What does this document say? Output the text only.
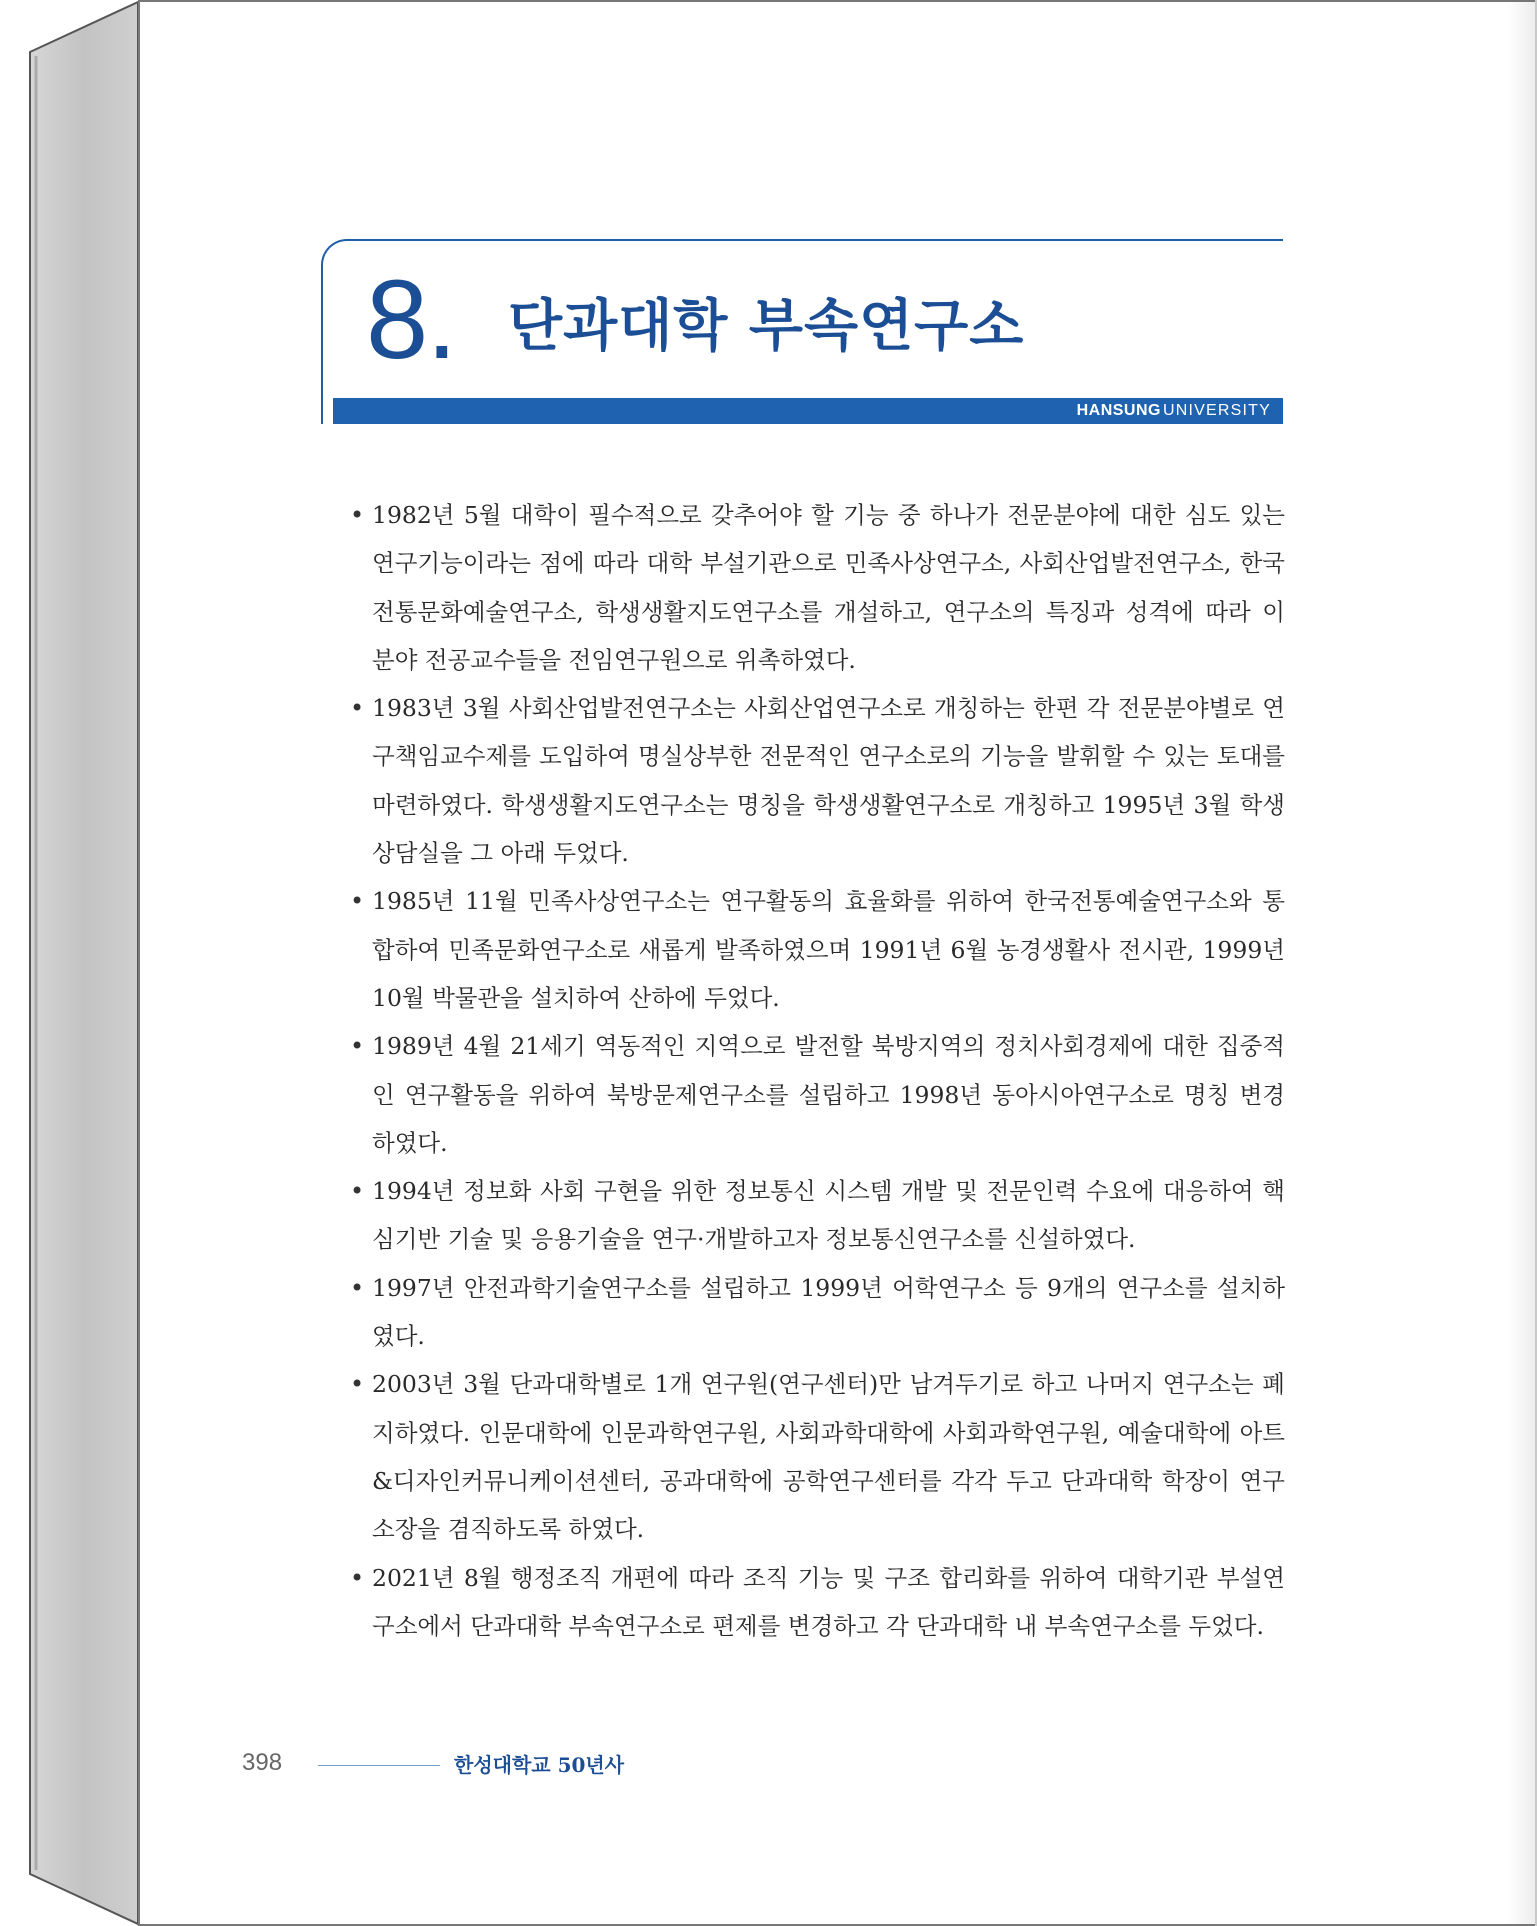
8. 단과대학 부속연구소
HANSUNG UNIVERSITY
• 1982년 5월 대학이 필수적으로 갖추어야 할 기능 중 하나가 전문분야에 대한 심도 있는 연구기능이라는 점에 따라 대학 부설기관으로 민족사상연구소, 사회산업발전연구소, 한국전통문화예술연구소, 학생생활지도연구소를 개설하고, 연구소의 특징과 성격에 따라 이 분야 전공교수들을 전임연구원으로 위촉하였다.
• 1983년 3월 사회산업발전연구소는 사회산업연구소로 개칭하는 한편 각 전문분야별로 연구책임교수제를 도입하여 명실상부한 전문적인 연구소로의 기능을 발휘할 수 있는 토대를 마련하였다. 학생생활지도연구소는 명칭을 학생생활연구소로 개칭하고 1995년 3월 학생상담실을 그 아래 두었다.
• 1985년 11월 민족사상연구소는 연구활동의 효율화를 위하여 한국전통예술연구소와 통합하여 민족문화연구소로 새롭게 발족하였으며 1991년 6월 농경생활사 전시관, 1999년 10월 박물관을 설치하여 산하에 두었다.
• 1989년 4월 21세기 역동적인 지역으로 발전할 북방지역의 정치사회경제에 대한 집중적인 연구활동을 위하여 북방문제연구소를 설립하고 1998년 동아시아연구소로 명칭 변경하였다.
• 1994년 정보화 사회 구현을 위한 정보통신 시스템 개발 및 전문인력 수요에 대응하여 핵심기반 기술 및 응용기술을 연구·개발하고자 정보통신연구소를 신설하였다.
• 1997년 안전과학기술연구소를 설립하고 1999년 어학연구소 등 9개의 연구소를 설치하였다.
• 2003년 3월 단과대학별로 1개 연구원(연구센터)만 남겨두기로 하고 나머지 연구소는 폐지하였다. 인문대학에 인문과학연구원, 사회과학대학에 사회과학연구원, 예술대학에 아트&디자인커뮤니케이션센터, 공과대학에 공학연구센터를 각각 두고 단과대학 학장이 연구소장을 겸직하도록 하였다.
• 2021년 8월 행정조직 개편에 따라 조직 기능 및 구조 합리화를 위하여 대학기관 부설연구소에서 단과대학 부속연구소로 편제를 변경하고 각 단과대학 내 부속연구소를 두었다.
398	한성대학교 50년사
